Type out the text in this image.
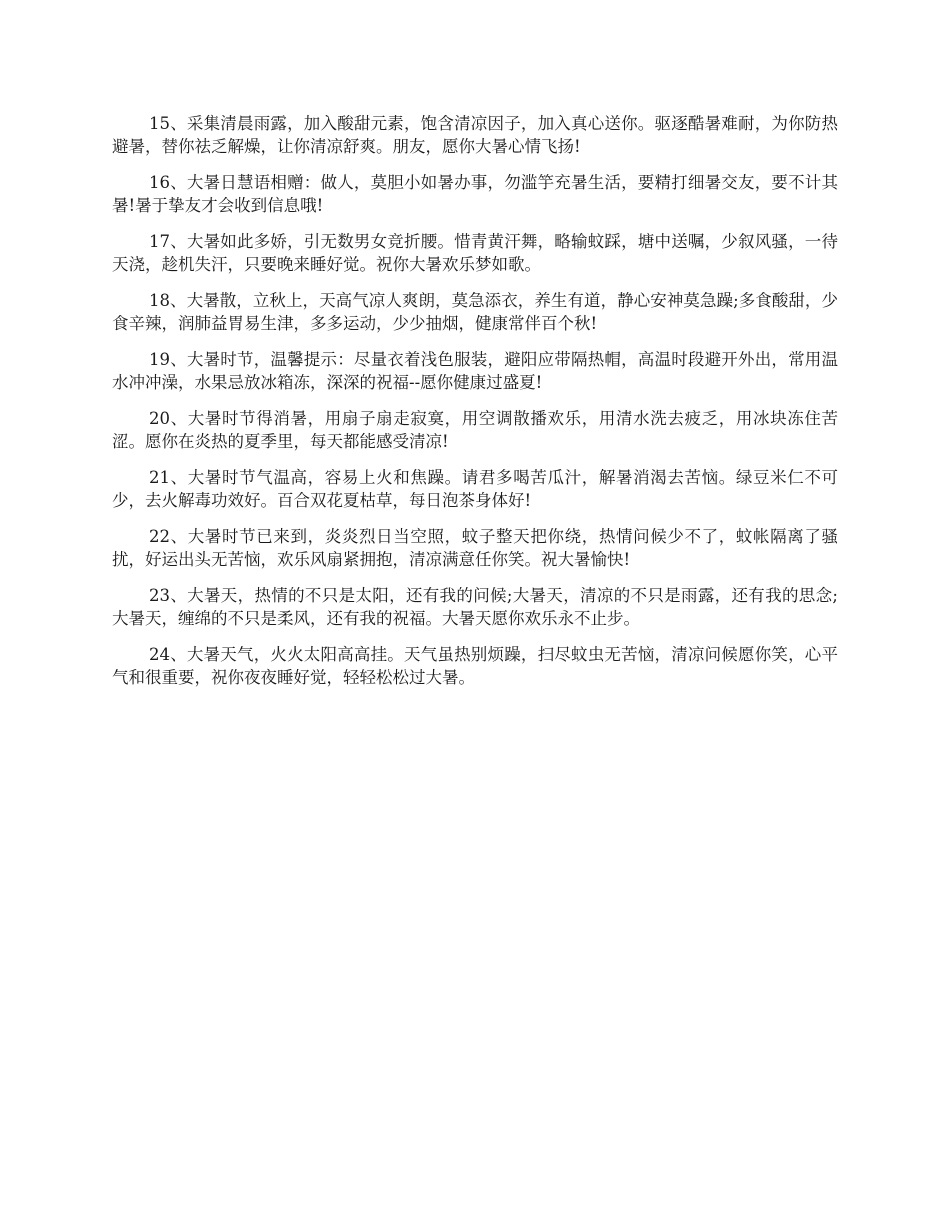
15、采集清晨雨露，加入酸甜元素，饱含清凉因子，加入真心送你。驱逐酷暑难耐，为你防热避暑，替你祛乏解燥，让你清凉舒爽。朋友，愿你大暑心情飞扬!

16、大暑日慧语相赠：做人，莫胆小如暑办事，勿滥竽充暑生活，要精打细暑交友，要不计其暑!暑于挚友才会收到信息哦!

17、大暑如此多娇，引无数男女竞折腰。惜青黄汗舞，略输蚊踩，塘中送嘱，少叙风骚，一待天浇，趁机失汗，只要晚来睡好觉。祝你大暑欢乐梦如歌。

18、大暑散，立秋上，天高气凉人爽朗，莫急添衣，养生有道，静心安神莫急躁;多食酸甜，少食辛辣，润肺益胃易生津，多多运动，少少抽烟，健康常伴百个秋!

19、大暑时节，温馨提示：尽量衣着浅色服装，避阳应带隔热帽，高温时段避开外出，常用温水冲冲澡，水果忌放冰箱冻，深深的祝福--愿你健康过盛夏!

20、大暑时节得消暑，用扇子扇走寂寞，用空调散播欢乐，用清水洗去疲乏，用冰块冻住苦涩。愿你在炎热的夏季里，每天都能感受清凉!

21、大暑时节气温高，容易上火和焦躁。请君多喝苦瓜汁，解暑消渴去苦恼。绿豆米仁不可少，去火解毒功效好。百合双花夏枯草，每日泡茶身体好!

22、大暑时节已来到，炎炎烈日当空照，蚊子整天把你绕，热情问候少不了，蚊帐隔离了骚扰，好运出头无苦恼，欢乐风扇紧拥抱，清凉满意任你笑。祝大暑愉快!

23、大暑天，热情的不只是太阳，还有我的问候;大暑天，清凉的不只是雨露，还有我的思念;大暑天，缠绵的不只是柔风，还有我的祝福。大暑天愿你欢乐永不止步。

24、大暑天气，火火太阳高高挂。天气虽热别烦躁，扫尽蚊虫无苦恼，清凉问候愿你笑，心平气和很重要，祝你夜夜睡好觉，轻轻松松过大暑。
